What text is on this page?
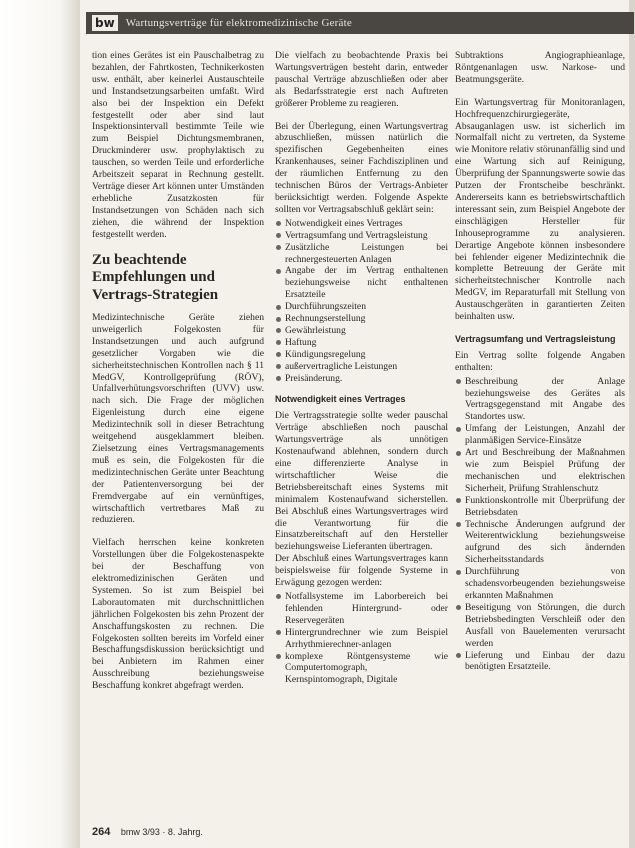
bw Wartungsverträge für elektromedizinische Geräte

tion eines Gerätes ist ein Pauschalbetrag zu bezahlen, der Fahrtkosten, Technikerkosten usw. enthält, aber keinerlei Austauschteile und Instandsetzungsarbeiten umfaßt. Wird also bei der Inspektion ein Defekt festgestellt oder aber sind laut Inspektionsintervall bestimmte Teile wie zum Beispiel Dichtungsmembranen, Druckminderer usw. prophylaktisch zu tauschen, so werden Teile und erforderliche Arbeitszeit separat in Rechnung gestellt. Verträge dieser Art können unter Umständen erhebliche Zusatzkosten für Instandsetzungen von Schäden nach sich ziehen, die während der Inspektion festgestellt werden.

Zu beachtende Empfehlungen und Vertrags-Strategien

Medizintechnische Geräte ziehen unweigerlich Folgekosten für Instandsetzungen und auch aufgrund gesetzlicher Vorgaben wie die sicherheitstechnischen Kontrollen nach § 11 MedGV, Kontrollgeprüfung (RÖV), Unfallverhütungsvorschriften (UVV) usw. nach sich. Die Frage der möglichen Eigenleistung durch eine eigene Medizintechnik soll in dieser Betrachtung weitgehend ausgeklammert bleiben. Zielsetzung eines Vertragsmanagements muß es sein, die Folgekosten für die medizintechnischen Geräte unter Beachtung der Patientenversorgung bei der Fremdvergabe auf ein vernünftiges, wirtschaftlich vertretbares Maß zu reduzieren.

Vielfach herrschen keine konkreten Vorstellungen über die Folgekostenaspekte bei der Beschaffung von elektromedizinischen Geräten und Systemen. So ist zum Beispiel bei Laborautomaten mit durchschnittlichen jährlichen Folgekosten bis zehn Prozent der Anschaffungskosten zu rechnen. Die Folgekosten sollten bereits im Vorfeld einer Beschaffungsdiskussion berücksichtigt und bei Anbietern im Rahmen einer Ausschreibung beziehungsweise Beschaffung konkret abgefragt werden.

Die vielfach zu beobachtende Praxis bei Wartungsverträgen besteht darin, entweder pauschal Verträge abzuschließen oder aber als Bedarfsstrategie erst nach Auftreten größerer Probleme zu reagieren.

Bei der Überlegung, einen Wartungsvertrag abzuschließen, müssen natürlich die spezifischen Gegebenheiten eines Krankenhauses, seiner Fachdisziplinen und der räumlichen Entfernung zu den technischen Büros der Vertrags-Anbieter berücksichtigt werden. Folgende Aspekte sollten vor Vertragsabschluß geklärt sein:

Notwendigkeit eines Vertrages
Vertragsumfang und Vertragsleistung
Zusätzliche Leistungen bei rechnergesteuerten Anlagen
Angabe der im Vertrag enthaltenen beziehungsweise nicht enthaltenen Ersatzteile
Durchführungszeiten
Rechnungserstellung
Gewährleistung
Haftung
Kündigungsregelung
außervertragliche Leistungen
Preisänderung.
Notwendigkeit eines Vertrages

Die Vertragsstrategie sollte weder pauschal Verträge abschließen noch pauschal Wartungsverträge als unnötigen Kostenaufwand ablehnen, sondern durch eine differenzierte Analyse in wirtschaftlicher Weise die Betriebsbereitschaft eines Systems mit minimalem Kostenaufwand sicherstellen. Bei Abschluß eines Wartungsvertrages wird die Verantwortung für die Einsatzbereitschaft auf den Hersteller beziehungsweise Lieferanten übertragen.

Der Abschluß eines Wartungsvertrages kann beispielsweise für folgende Systeme in Erwägung gezogen werden:

Notfallsysteme im Laborbereich bei fehlenden Hintergrund- oder Reservegeräten
Hintergrundrechner wie zum Beispiel Arrhythmierechner-anlagen
komplexe Röntgensysteme wie Computertomograph, Kernspintomograph, Digitale

Subtraktions Angiographieanlage, Röntgenanlagen usw. Narkose- und Beatmungsgeräte.

Ein Wartungsvertrag für Monitoranlagen, Hochfrequenzchirurgiegeräte, Absauganlagen usw. ist sicherlich im Normalfall nicht zu vertreten, da Systeme wie Monitore relativ störunanfällig sind und eine Wartung sich auf Reinigung, Überprüfung der Spannungswerte sowie das Putzen der Frontscheibe beschränkt. Andererseits kann es betriebswirtschaftlich interessant sein, zum Beispiel Angebote der einschlägigen Hersteller für Inhouseprogramme zu analysieren. Derartige Angebote können insbesondere bei fehlender eigener Medizintechnik die komplette Betreuung der Geräte mit sicherheitstechnischer Kontrolle nach MedGV, im Reparaturfall mit Stellung von Austauschgeräten in garantierten Zeiten beinhalten usw.

Vertragsumfang und Vertragsleistung

Ein Vertrag sollte folgende Angaben enthalten:

Beschreibung der Anlage beziehungsweise des Gerätes als Vertragsgegenstand mit Angabe des Standortes usw.
Umfang der Leistungen, Anzahl der planmäßigen Service-Einsätze
Art und Beschreibung der Maßnahmen wie zum Beispiel Prüfung der mechanischen und elektrischen Sicherheit, Prüfung Strahlenschutz
Funktionskontrolle mit Überprüfung der Betriebsdaten
Technische Änderungen aufgrund der Weiterentwicklung beziehungsweise aufgrund des sich ändernden Sicherheitsstandards
Durchführung von schadensvorbeugenden beziehungsweise erkannten Maßnahmen
Beseitigung von Störungen, die durch Betriebsbedingten Verschleiß oder den Ausfall von Bauelementen verursacht werden
Lieferung und Einbau der dazu benötigten Ersatzteile.
264 bmw 3/93 · 8. Jahrg.
